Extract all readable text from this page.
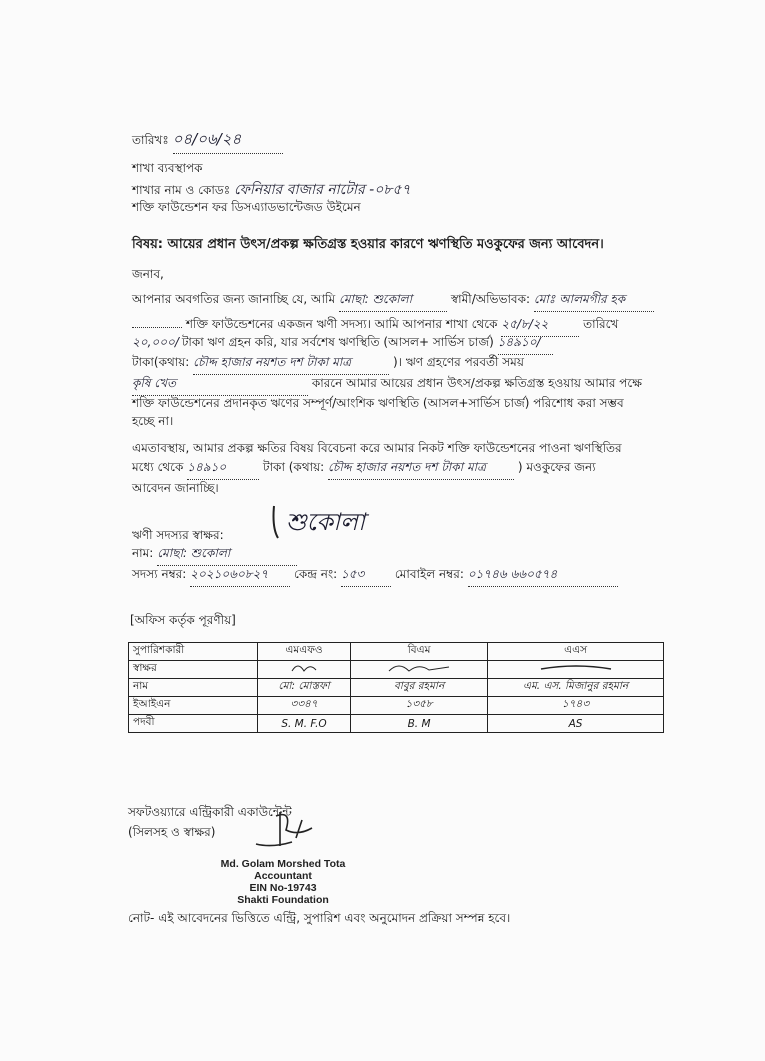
তারিখঃ ০৪/০৬/২৪
শাখা ব্যবস্থাপক
শাখার নাম ও কোডঃ ফেনিয়ার বাজার নাটোর -০৮৫৭
শক্তি ফাউন্ডেশন ফর ডিসএ্যাডভান্টেজড উইমেন
বিষয়: আয়ের প্রধান উৎস/প্রকল্প ক্ষতিগ্রস্ত হওয়ার কারণে ঋণস্থিতি মওকুফের জন্য আবেদন।
জনাব,
আপনার অবগতির জন্য জানাচ্ছি যে, আমি মোছা: শুকোলা	স্বামী/অভিভাবক: মোঃ আলমগীর হক
শক্তি ফাউন্ডেশনের একজন ঋণী সদস্য। আমি আপনার শাখা থেকে ২৫/৮/২২	তারিখে
২০,০০০/ টাকা ঋণ গ্রহন করি, যার সর্বশেষ ঋণস্থিতি (আসল+ সার্ভিস চার্জ) ১৪৯১০/
টাকা(কথায়: চৌদ্দ হাজার নয়শত দশ টাকা মাত্র	)। ঋণ গ্রহণের পরবর্তী সময়
কৃষি খেত	কারনে আমার আয়ের প্রধান উৎস/প্রকল্প ক্ষতিগ্রস্ত হওয়ায় আমার পক্ষে
শক্তি ফাউন্ডেশনের প্রদানকৃত ঋণের সম্পূর্ণ/আংশিক ঋণস্থিতি (আসল+সার্ভিস চার্জ) পরিশোধ করা সম্ভব
হচ্ছে না।
এমতাবস্থায়, আমার প্রকল্প ক্ষতির বিষয় বিবেচনা করে আমার নিকট শক্তি ফাউন্ডেশনের পাওনা ঋণস্থিতির
মধ্যে থেকে ১৪৯১০	টাকা (কথায়: চৌদ্দ হাজার নয়শত দশ টাকা মাত্র	) মওকুফের জন্য
আবেদন জানাচ্ছি।
ঋণী সদস্যর স্বাক্ষর:	শুকোলা
নাম: মোছা: শুকোলা
সদস্য নম্বর: ২০২১০৬০৮২৭ কেন্দ্র নং: ১৫৩	মোবাইল নম্বর: ০১৭৪৬ ৬৬০৫৭৪
[অফিস কর্তৃক পূরণীয়]
সুপারিশকারী	এমএফও	বিএম	এএস
স্বাক্ষর			
নাম	মো: মোস্তফা	বাবুর রহমান	এম. এস. মিজানুর রহমান
ইআইএন	৩৩৪৭	১৩৫৮	১৭৪৩
পদবী	S. M. F.O	B. M	AS
সফটওয়্যারে এন্ট্রিকারী একাউন্টেন্ট
(সিলসহ ও স্বাক্ষর)
Md. Golam Morshed Tota
Accountant
EIN No-19743
Shakti Foundation
নোট- এই আবেদনের ভিত্তিতে এন্ট্রি, সুপারিশ এবং অনুমোদন প্রক্রিয়া সম্পন্ন হবে।
